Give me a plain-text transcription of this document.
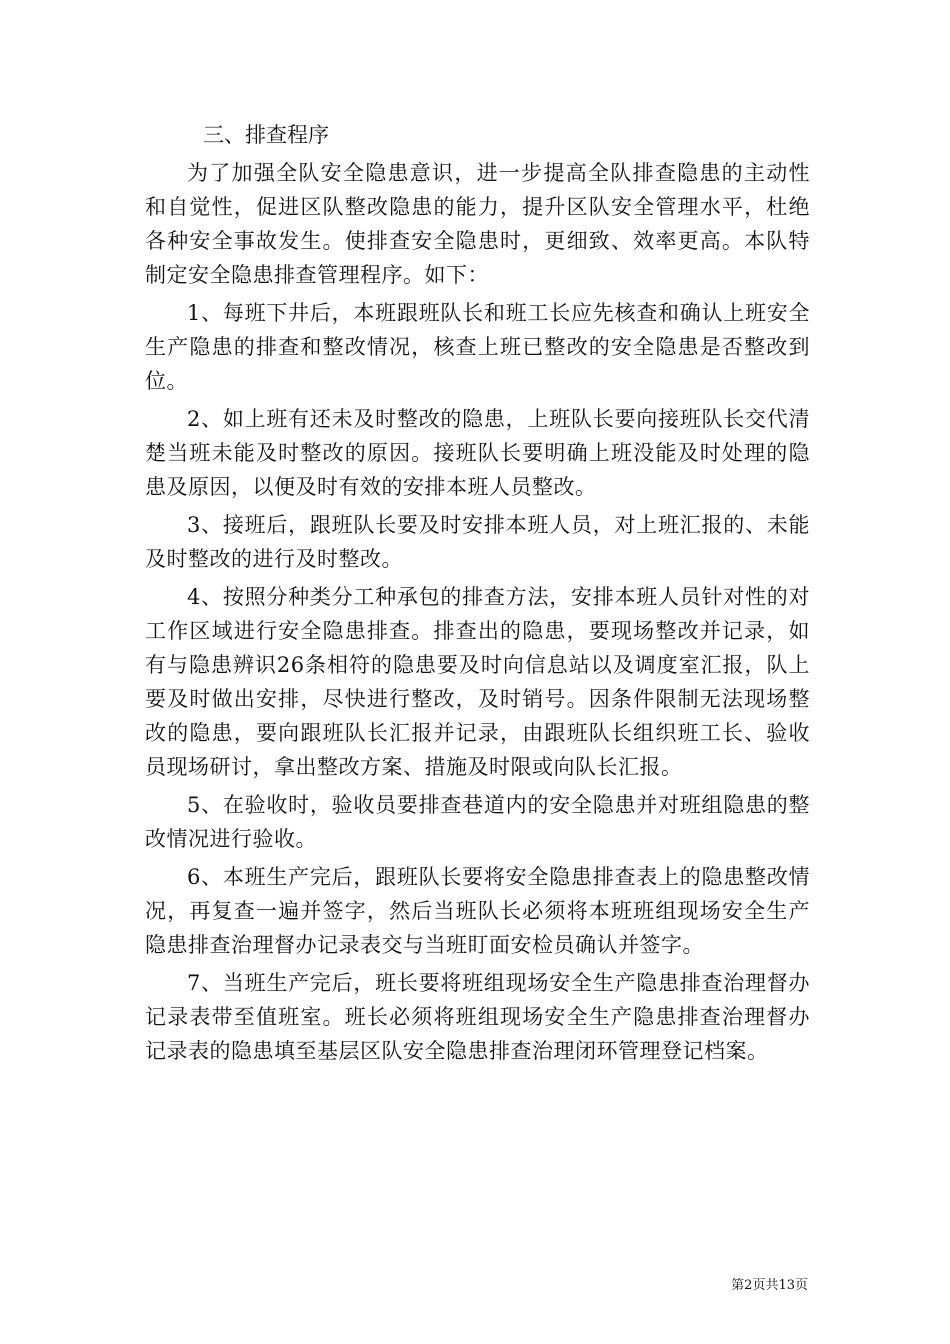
三、排查程序

为了加强全队安全隐患意识，进一步提高全队排查隐患的主动性和自觉性，促进区队整改隐患的能力，提升区队安全管理水平，杜绝各种安全事故发生。使排查安全隐患时，更细致、效率更高。本队特制定安全隐患排查管理程序。如下：

1、每班下井后，本班跟班队长和班工长应先核查和确认上班安全生产隐患的排查和整改情况，核查上班已整改的安全隐患是否整改到位。

2、如上班有还未及时整改的隐患，上班队长要向接班队长交代清楚当班未能及时整改的原因。接班队长要明确上班没能及时处理的隐患及原因，以便及时有效的安排本班人员整改。

3、接班后，跟班队长要及时安排本班人员，对上班汇报的、未能及时整改的进行及时整改。

4、按照分种类分工种承包的排查方法，安排本班人员针对性的对工作区域进行安全隐患排查。排查出的隐患，要现场整改并记录，如有与隐患辨识26条相符的隐患要及时向信息站以及调度室汇报，队上要及时做出安排，尽快进行整改，及时销号。因条件限制无法现场整改的隐患，要向跟班队长汇报并记录，由跟班队长组织班工长、验收员现场研讨，拿出整改方案、措施及时限或向队长汇报。

5、在验收时，验收员要排查巷道内的安全隐患并对班组隐患的整改情况进行验收。

6、本班生产完后，跟班队长要将安全隐患排查表上的隐患整改情况，再复查一遍并签字，然后当班队长必须将本班班组现场安全生产隐患排查治理督办记录表交与当班盯面安检员确认并签字。

7、当班生产完后，班长要将班组现场安全生产隐患排查治理督办记录表带至值班室。班长必须将班组现场安全生产隐患排查治理督办记录表的隐患填至基层区队安全隐患排查治理闭环管理登记档案。

第2页共13页
